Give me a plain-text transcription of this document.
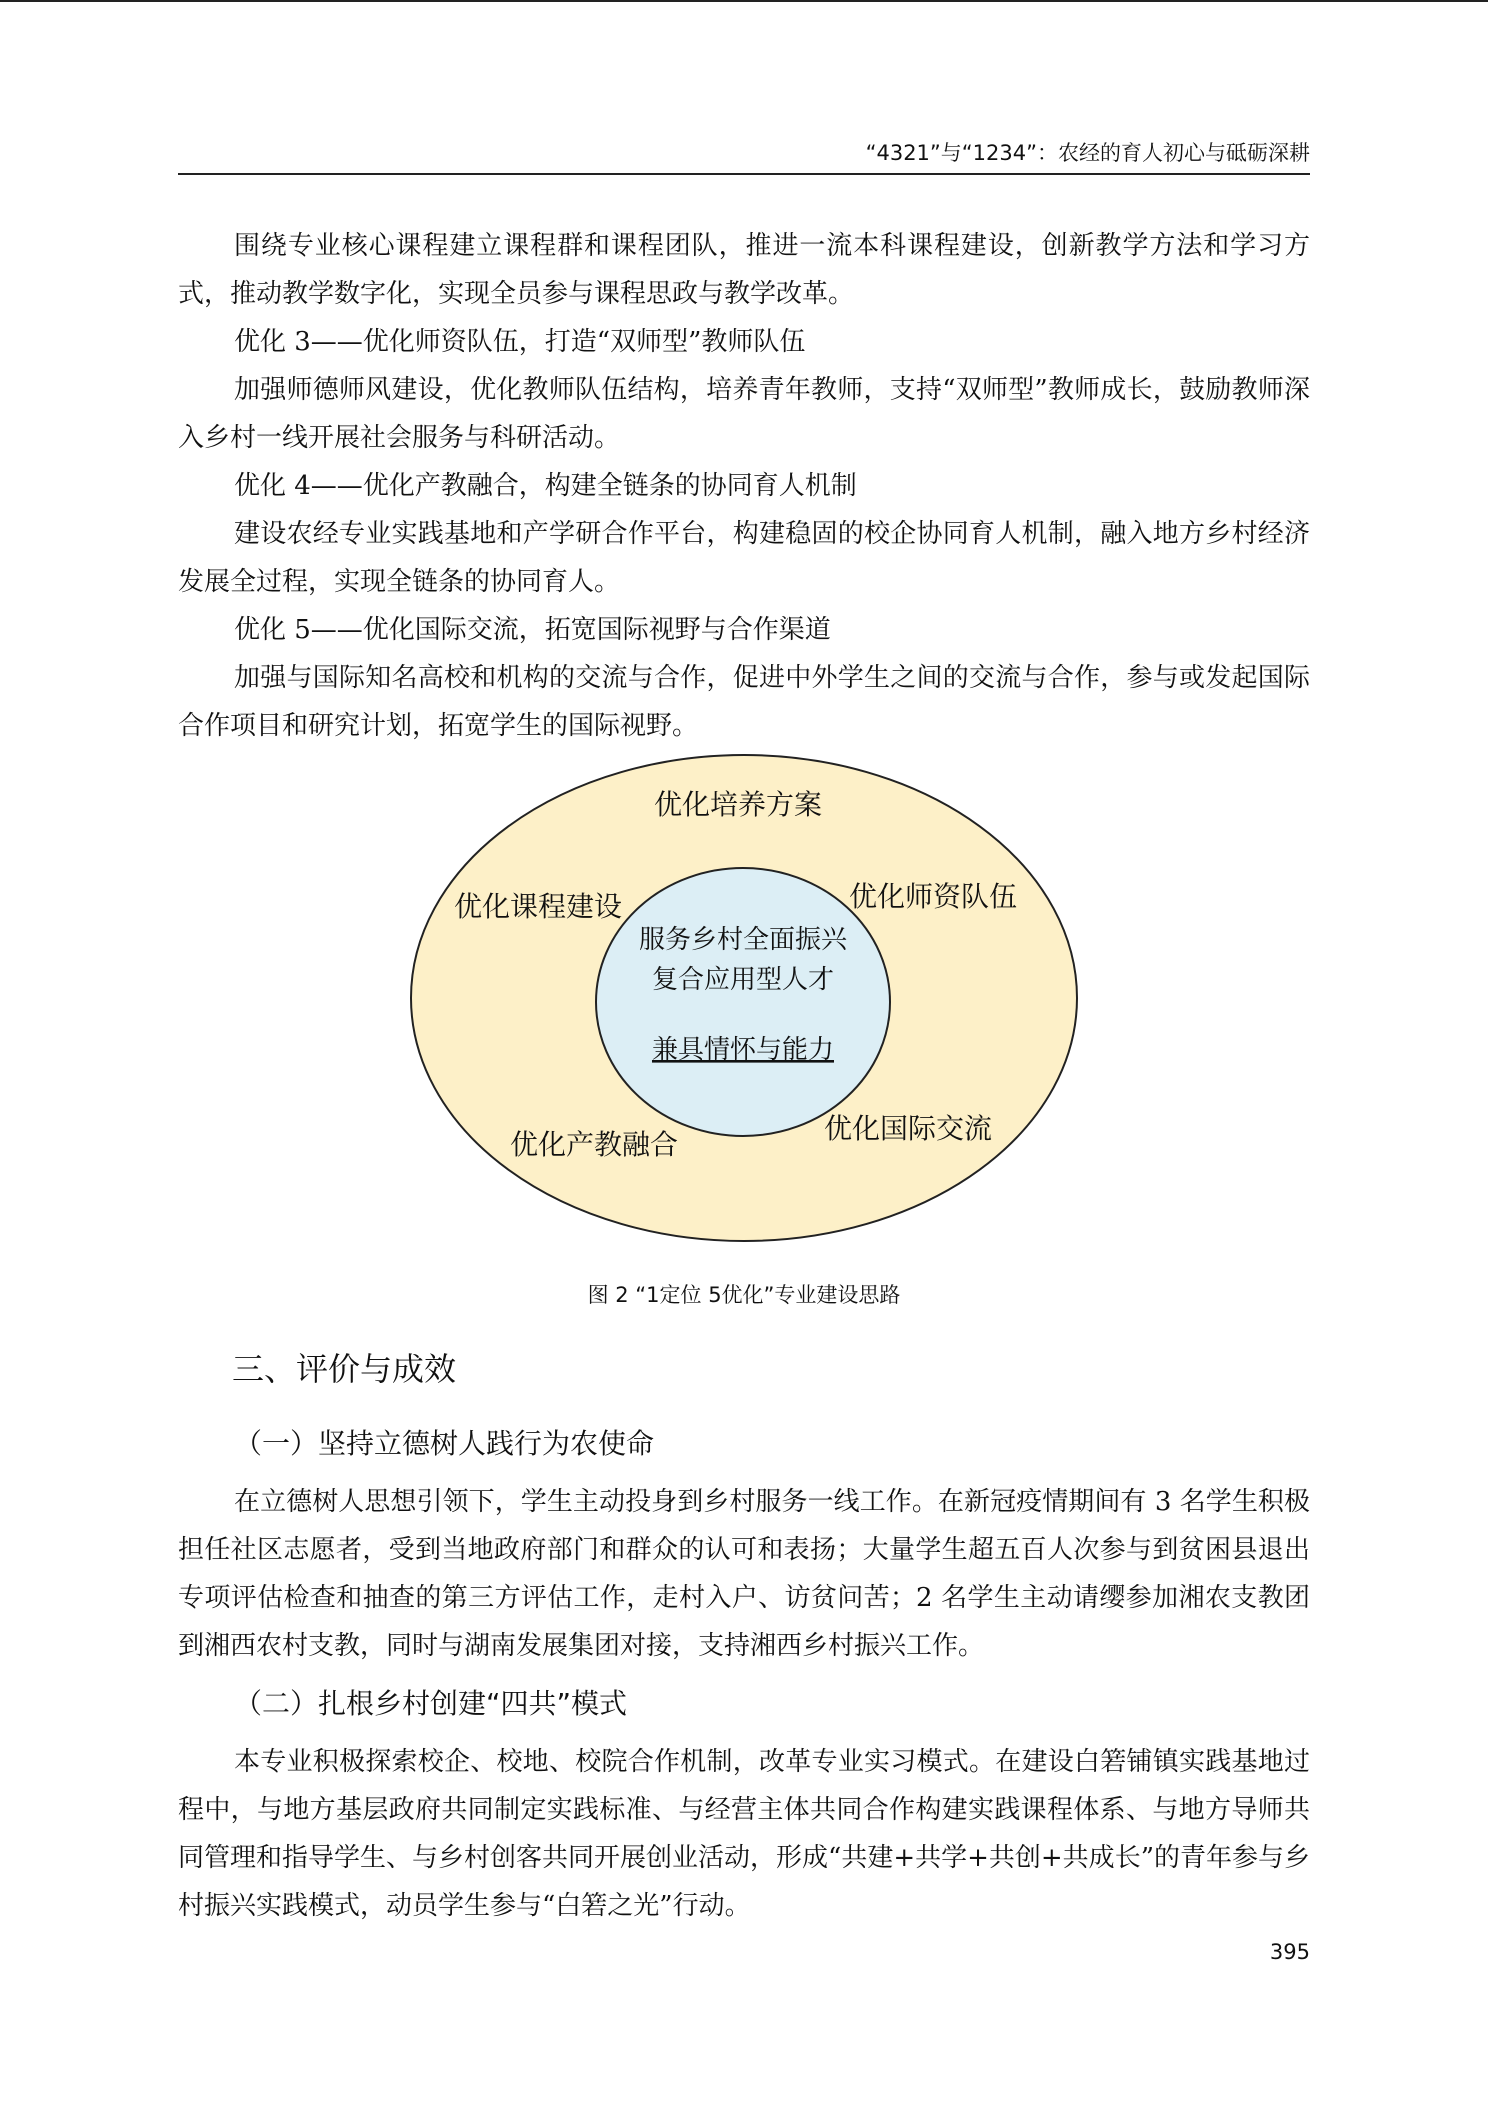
“4321”与“1234”：农经的育人初心与砥砺深耕

围绕专业核心课程建立课程群和课程团队，推进一流本科课程建设，创新教学方法和学习方式，推动教学数字化，实现全员参与课程思政与教学改革。

优化 3——优化师资队伍，打造“双师型”教师队伍

加强师德师风建设，优化教师队伍结构，培养青年教师，支持“双师型”教师成长，鼓励教师深入乡村一线开展社会服务与科研活动。

优化 4——优化产教融合，构建全链条的协同育人机制

建设农经专业实践基地和产学研合作平台，构建稳固的校企协同育人机制，融入地方乡村经济发展全过程，实现全链条的协同育人。

优化 5——优化国际交流，拓宽国际视野与合作渠道

加强与国际知名高校和机构的交流与合作，促进中外学生之间的交流与合作，参与或发起国际合作项目和研究计划，拓宽学生的国际视野。

优化培养方案
优化课程建设	优化师资队伍
优化产教融合	优化国际交流
服务乡村全面振兴
复合应用型人才
兼具情怀与能力
图 2 “1定位 5优化”专业建设思路
三、评价与成效

（一）坚持立德树人践行为农使命

在立德树人思想引领下，学生主动投身到乡村服务一线工作。在新冠疫情期间有 3 名学生积极担任社区志愿者，受到当地政府部门和群众的认可和表扬；大量学生超五百人次参与到贫困县退出专项评估检查和抽查的第三方评估工作，走村入户、访贫问苦；2 名学生主动请缨参加湘农支教团到湘西农村支教，同时与湖南发展集团对接，支持湘西乡村振兴工作。

（二）扎根乡村创建“四共”模式

本专业积极探索校企、校地、校院合作机制，改革专业实习模式。在建设白箬铺镇实践基地过程中，与地方基层政府共同制定实践标准、与经营主体共同合作构建实践课程体系、与地方导师共同管理和指导学生、与乡村创客共同开展创业活动，形成“共建+共学+共创+共成长”的青年参与乡村振兴实践模式，动员学生参与“白箬之光”行动。

395
